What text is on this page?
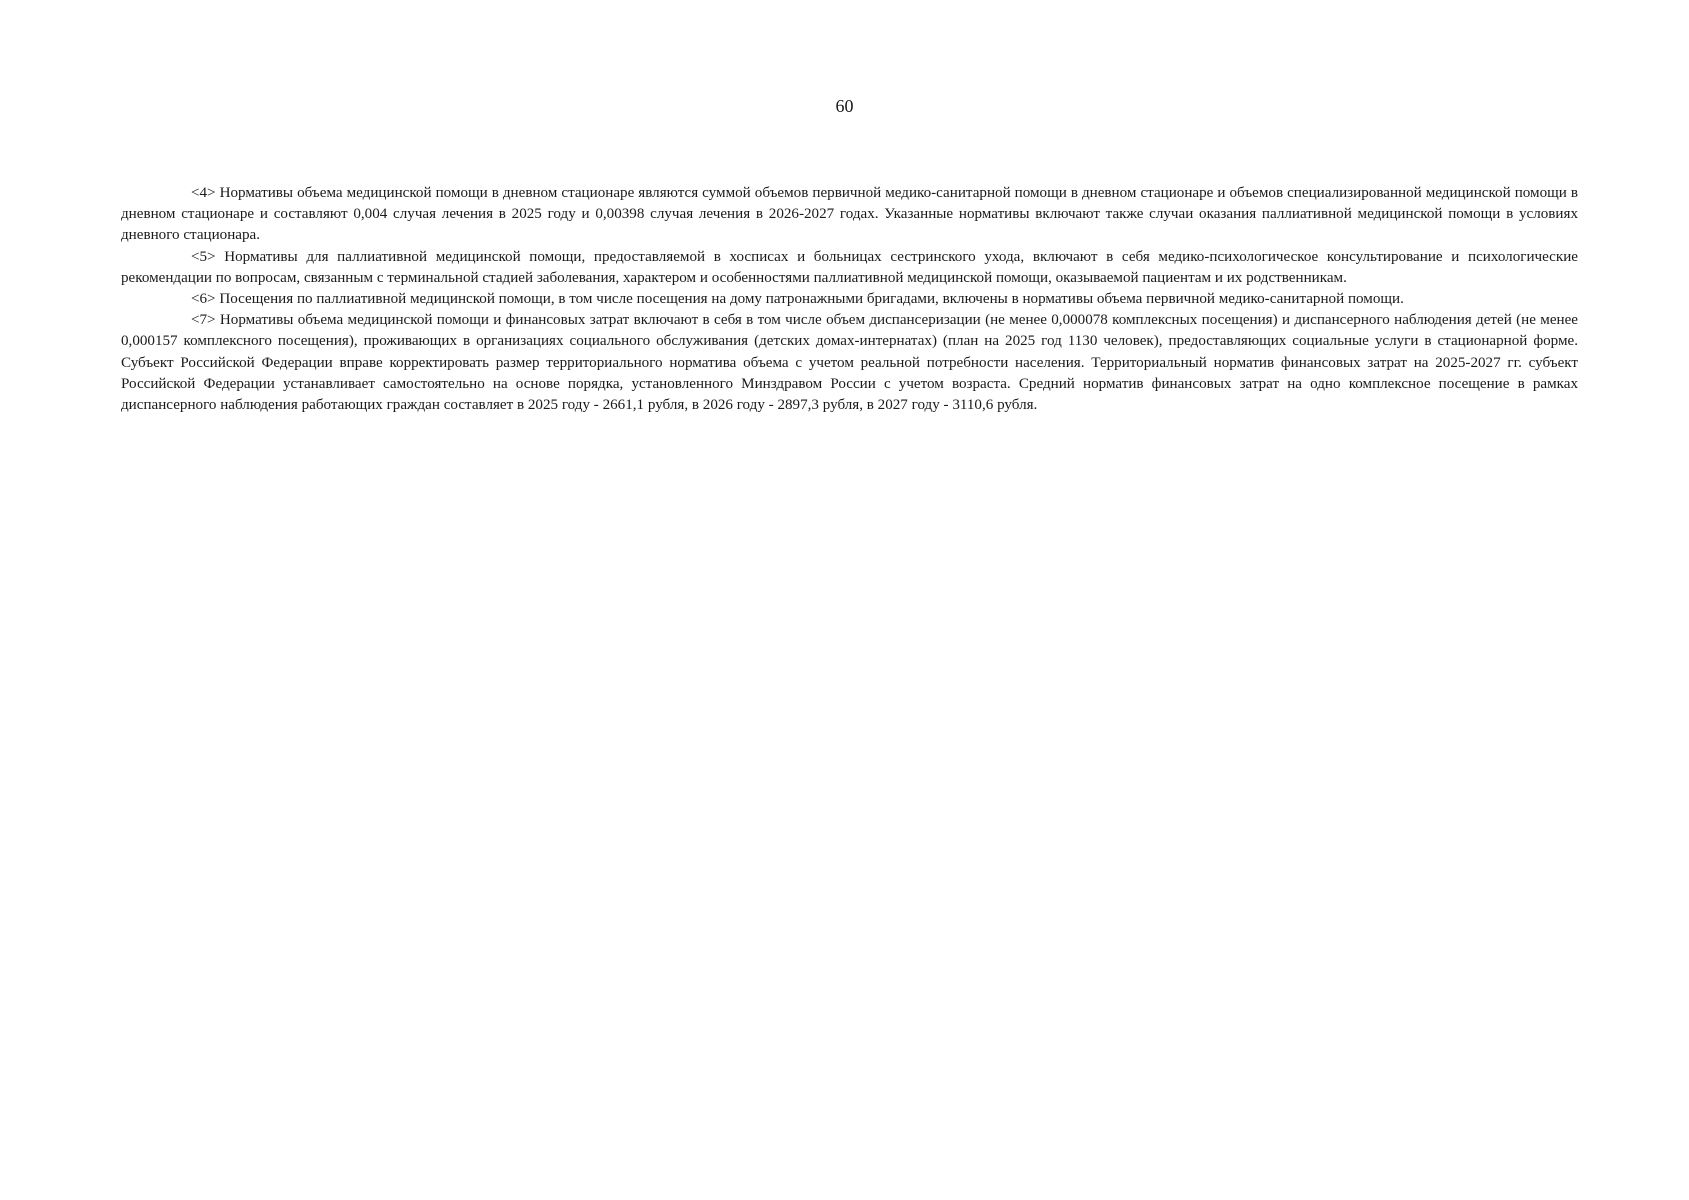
60

<4> Нормативы объема медицинской помощи в дневном стационаре являются суммой объемов первичной медико-санитарной помощи в дневном стационаре и объемов специализированной медицинской помощи в дневном стационаре и составляют 0,004 случая лечения в 2025 году и 0,00398 случая лечения в 2026-2027 годах. Указанные нормативы включают также случаи оказания паллиативной медицинской помощи в условиях дневного стационара.

<5> Нормативы для паллиативной медицинской помощи, предоставляемой в хосписах и больницах сестринского ухода, включают в себя медико-психологическое консультирование и психологические рекомендации по вопросам, связанным с терминальной стадией заболевания, характером и особенностями паллиативной медицинской помощи, оказываемой пациентам и их родственникам.

<6> Посещения по паллиативной медицинской помощи, в том числе посещения на дому патронажными бригадами, включены в нормативы объема первичной медико-санитарной помощи.

<7> Нормативы объема медицинской помощи и финансовых затрат включают в себя в том числе объем диспансеризации (не менее 0,000078 комплексных посещения) и диспансерного наблюдения детей (не менее 0,000157 комплексного посещения), проживающих в организациях социального обслуживания (детских домах-интернатах) (план на 2025 год 1130 человек), предоставляющих социальные услуги в стационарной форме. Субъект Российской Федерации вправе корректировать размер территориального норматива объема с учетом реальной потребности населения. Территориальный норматив финансовых затрат на 2025-2027 гг. субъект Российской Федерации устанавливает самостоятельно на основе порядка, установленного Минздравом России с учетом возраста. Средний норматив финансовых затрат на одно комплексное посещение в рамках диспансерного наблюдения работающих граждан составляет в 2025 году - 2661,1 рубля, в 2026 году - 2897,3 рубля, в 2027 году - 3110,6 рубля.
